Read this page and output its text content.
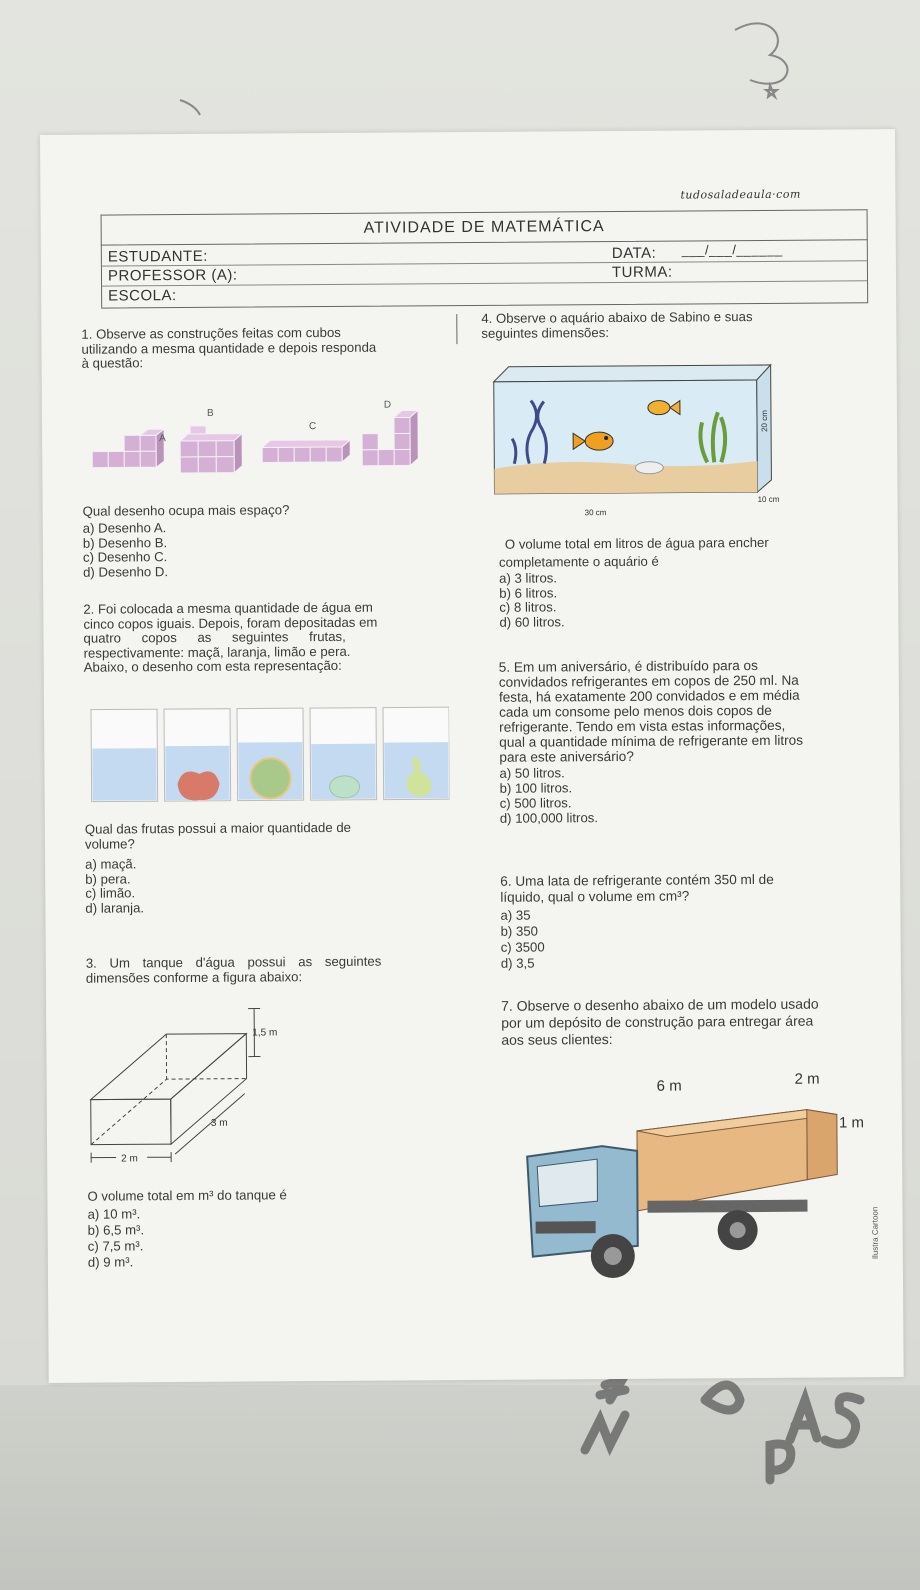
tudosaladeaula·com
ATIVIDADE DE MATEMÁTICA
ESTUDANTE:
PROFESSOR (A):
ESCOLA:
DATA: ___/___/______
TURMA:
1. Observe as construções feitas com cubos
utilizando a mesma quantidade e depois responda
à questão:
A
B
C
D
Qual desenho ocupa mais espaço?
a) Desenho A.
b) Desenho B.
c) Desenho C.
d) Desenho D.
2. Foi colocada a mesma quantidade de água em
cinco copos iguais. Depois, foram depositadas em
quatro copos as seguintes frutas,
respectivamente: maçã, laranja, limão e pera.
Abaixo, o desenho com esta representação:
Qual das frutas possui a maior quantidade de
volume?
a) maçã.
b) pera.
c) limão.
d) laranja.
3. Um tanque d'água possui as seguintes
dimensões conforme a figura abaixo:
1,5 m
3 m
2 m
O volume total em m³ do tanque é
a) 10 m³.
b) 6,5 m³.
c) 7,5 m³.
d) 9 m³.
4. Observe o aquário abaixo de Sabino e suas
seguintes dimensões:
30 cm
10 cm
20 cm
O volume total em litros de água para encher
completamente o aquário é
a) 3 litros.
b) 6 litros.
c) 8 litros.
d) 60 litros.
5. Em um aniversário, é distribuído para os
convidados refrigerantes em copos de 250 ml. Na
festa, há exatamente 200 convidados e em média
cada um consome pelo menos dois copos de
refrigerante. Tendo em vista estas informações,
qual a quantidade mínima de refrigerante em litros
para este aniversário?
a) 50 litros.
b) 100 litros.
c) 500 litros.
d) 100,000 litros.
6. Uma lata de refrigerante contém 350 ml de
líquido, qual o volume em cm³?
a) 35
b) 350
c) 3500
d) 3,5
7. Observe o desenho abaixo de um modelo usado
por um depósito de construção para entregar área
aos seus clientes:
6 m	2 m
1 m
Ilustra Cartoon
